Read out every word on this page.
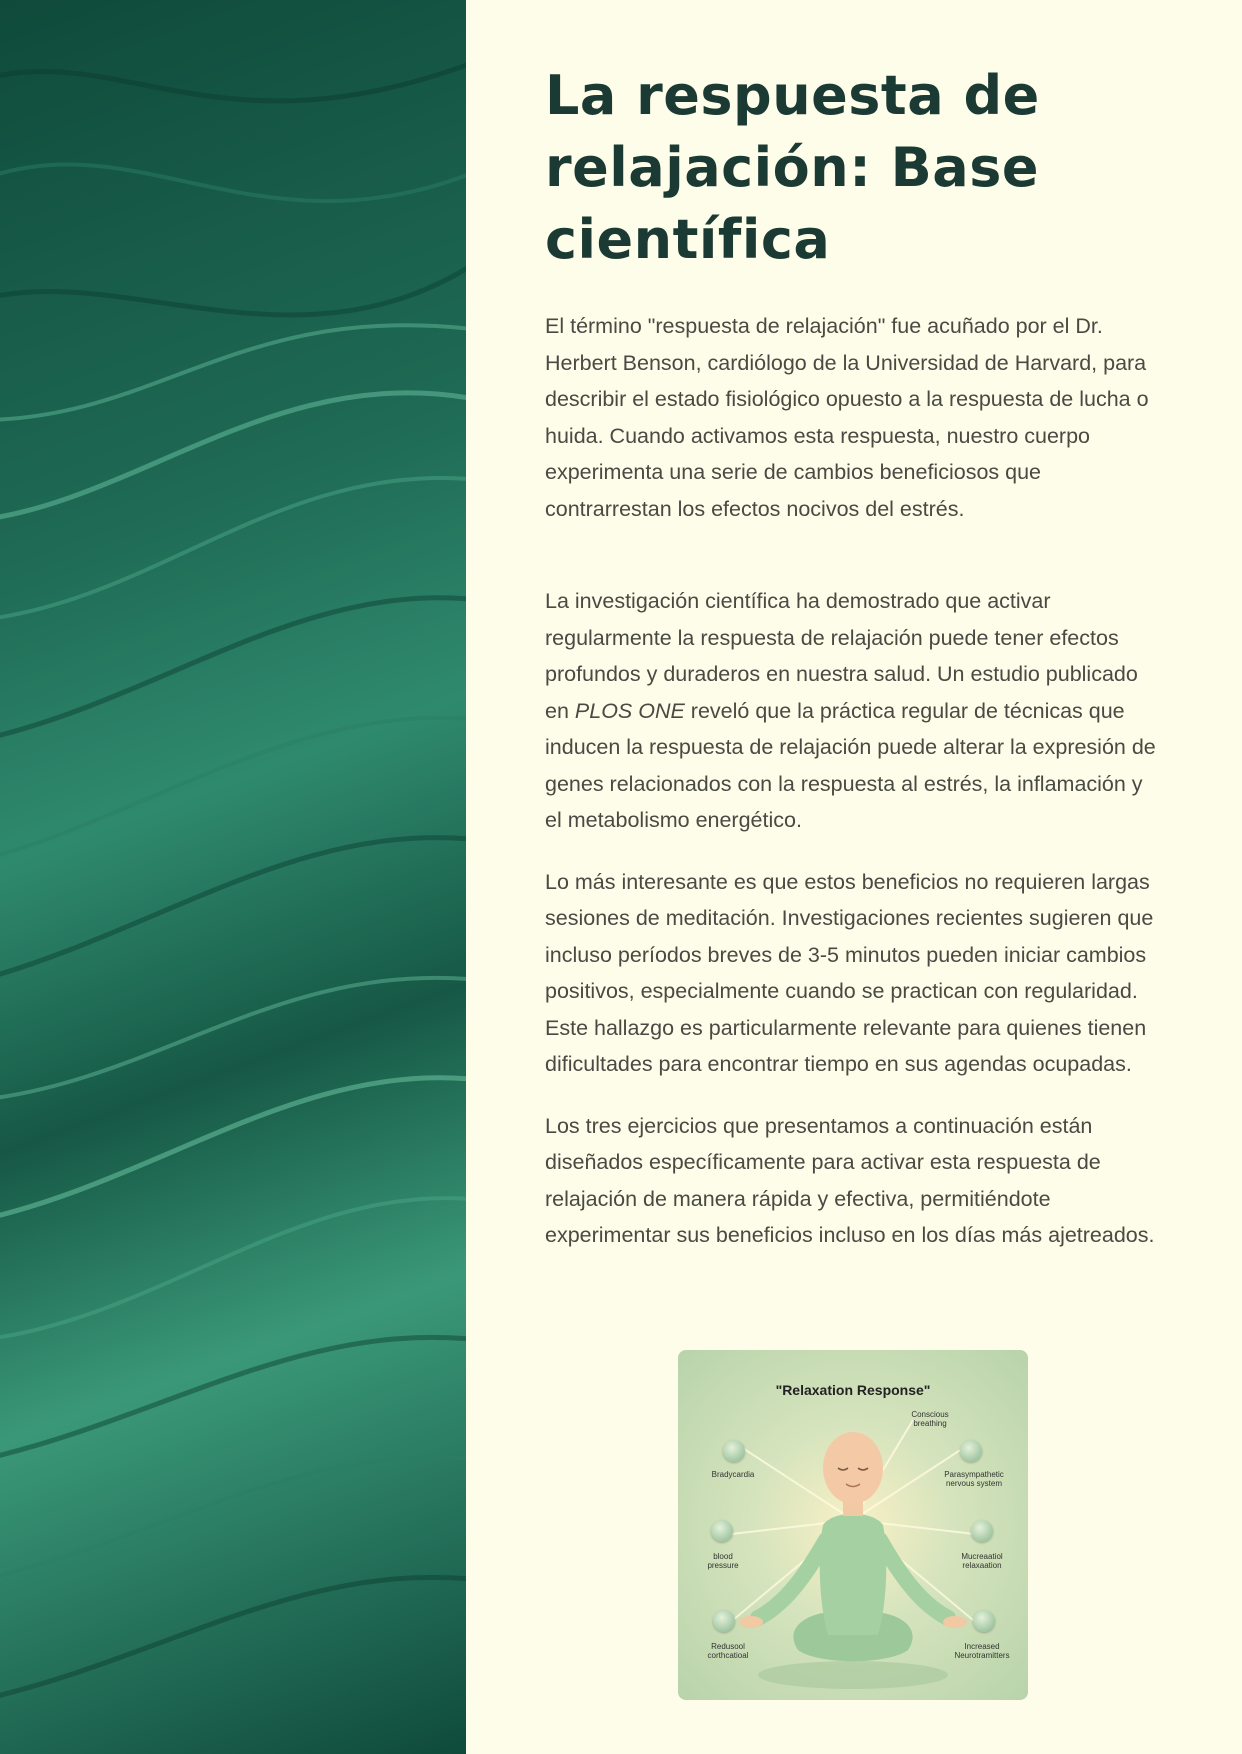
La respuesta de relajación: Base científica

El término "respuesta de relajación" fue acuñado por el Dr. Herbert Benson, cardiólogo de la Universidad de Harvard, para describir el estado fisiológico opuesto a la respuesta de lucha o huida. Cuando activamos esta respuesta, nuestro cuerpo experimenta una serie de cambios beneficiosos que contrarrestan los efectos nocivos del estrés.

La investigación científica ha demostrado que activar regularmente la respuesta de relajación puede tener efectos profundos y duraderos en nuestra salud. Un estudio publicado en PLOS ONE reveló que la práctica regular de técnicas que inducen la respuesta de relajación puede alterar la expresión de genes relacionados con la respuesta al estrés, la inflamación y el metabolismo energético.

Lo más interesante es que estos beneficios no requieren largas sesiones de meditación. Investigaciones recientes sugieren que incluso períodos breves de 3-5 minutos pueden iniciar cambios positivos, especialmente cuando se practican con regularidad. Este hallazgo es particularmente relevante para quienes tienen dificultades para encontrar tiempo en sus agendas ocupadas.

Los tres ejercicios que presentamos a continuación están diseñados específicamente para activar esta respuesta de relajación de manera rápida y efectiva, permitiéndote experimentar sus beneficios incluso en los días más ajetreados.

"Relaxation Response"
Conscious breathing
Bradycardia	Parasympathetic nervous system
blood pressure
Mucreaatiol relaxaation
Redusool corthcatioal
Increased Neurotramitters
